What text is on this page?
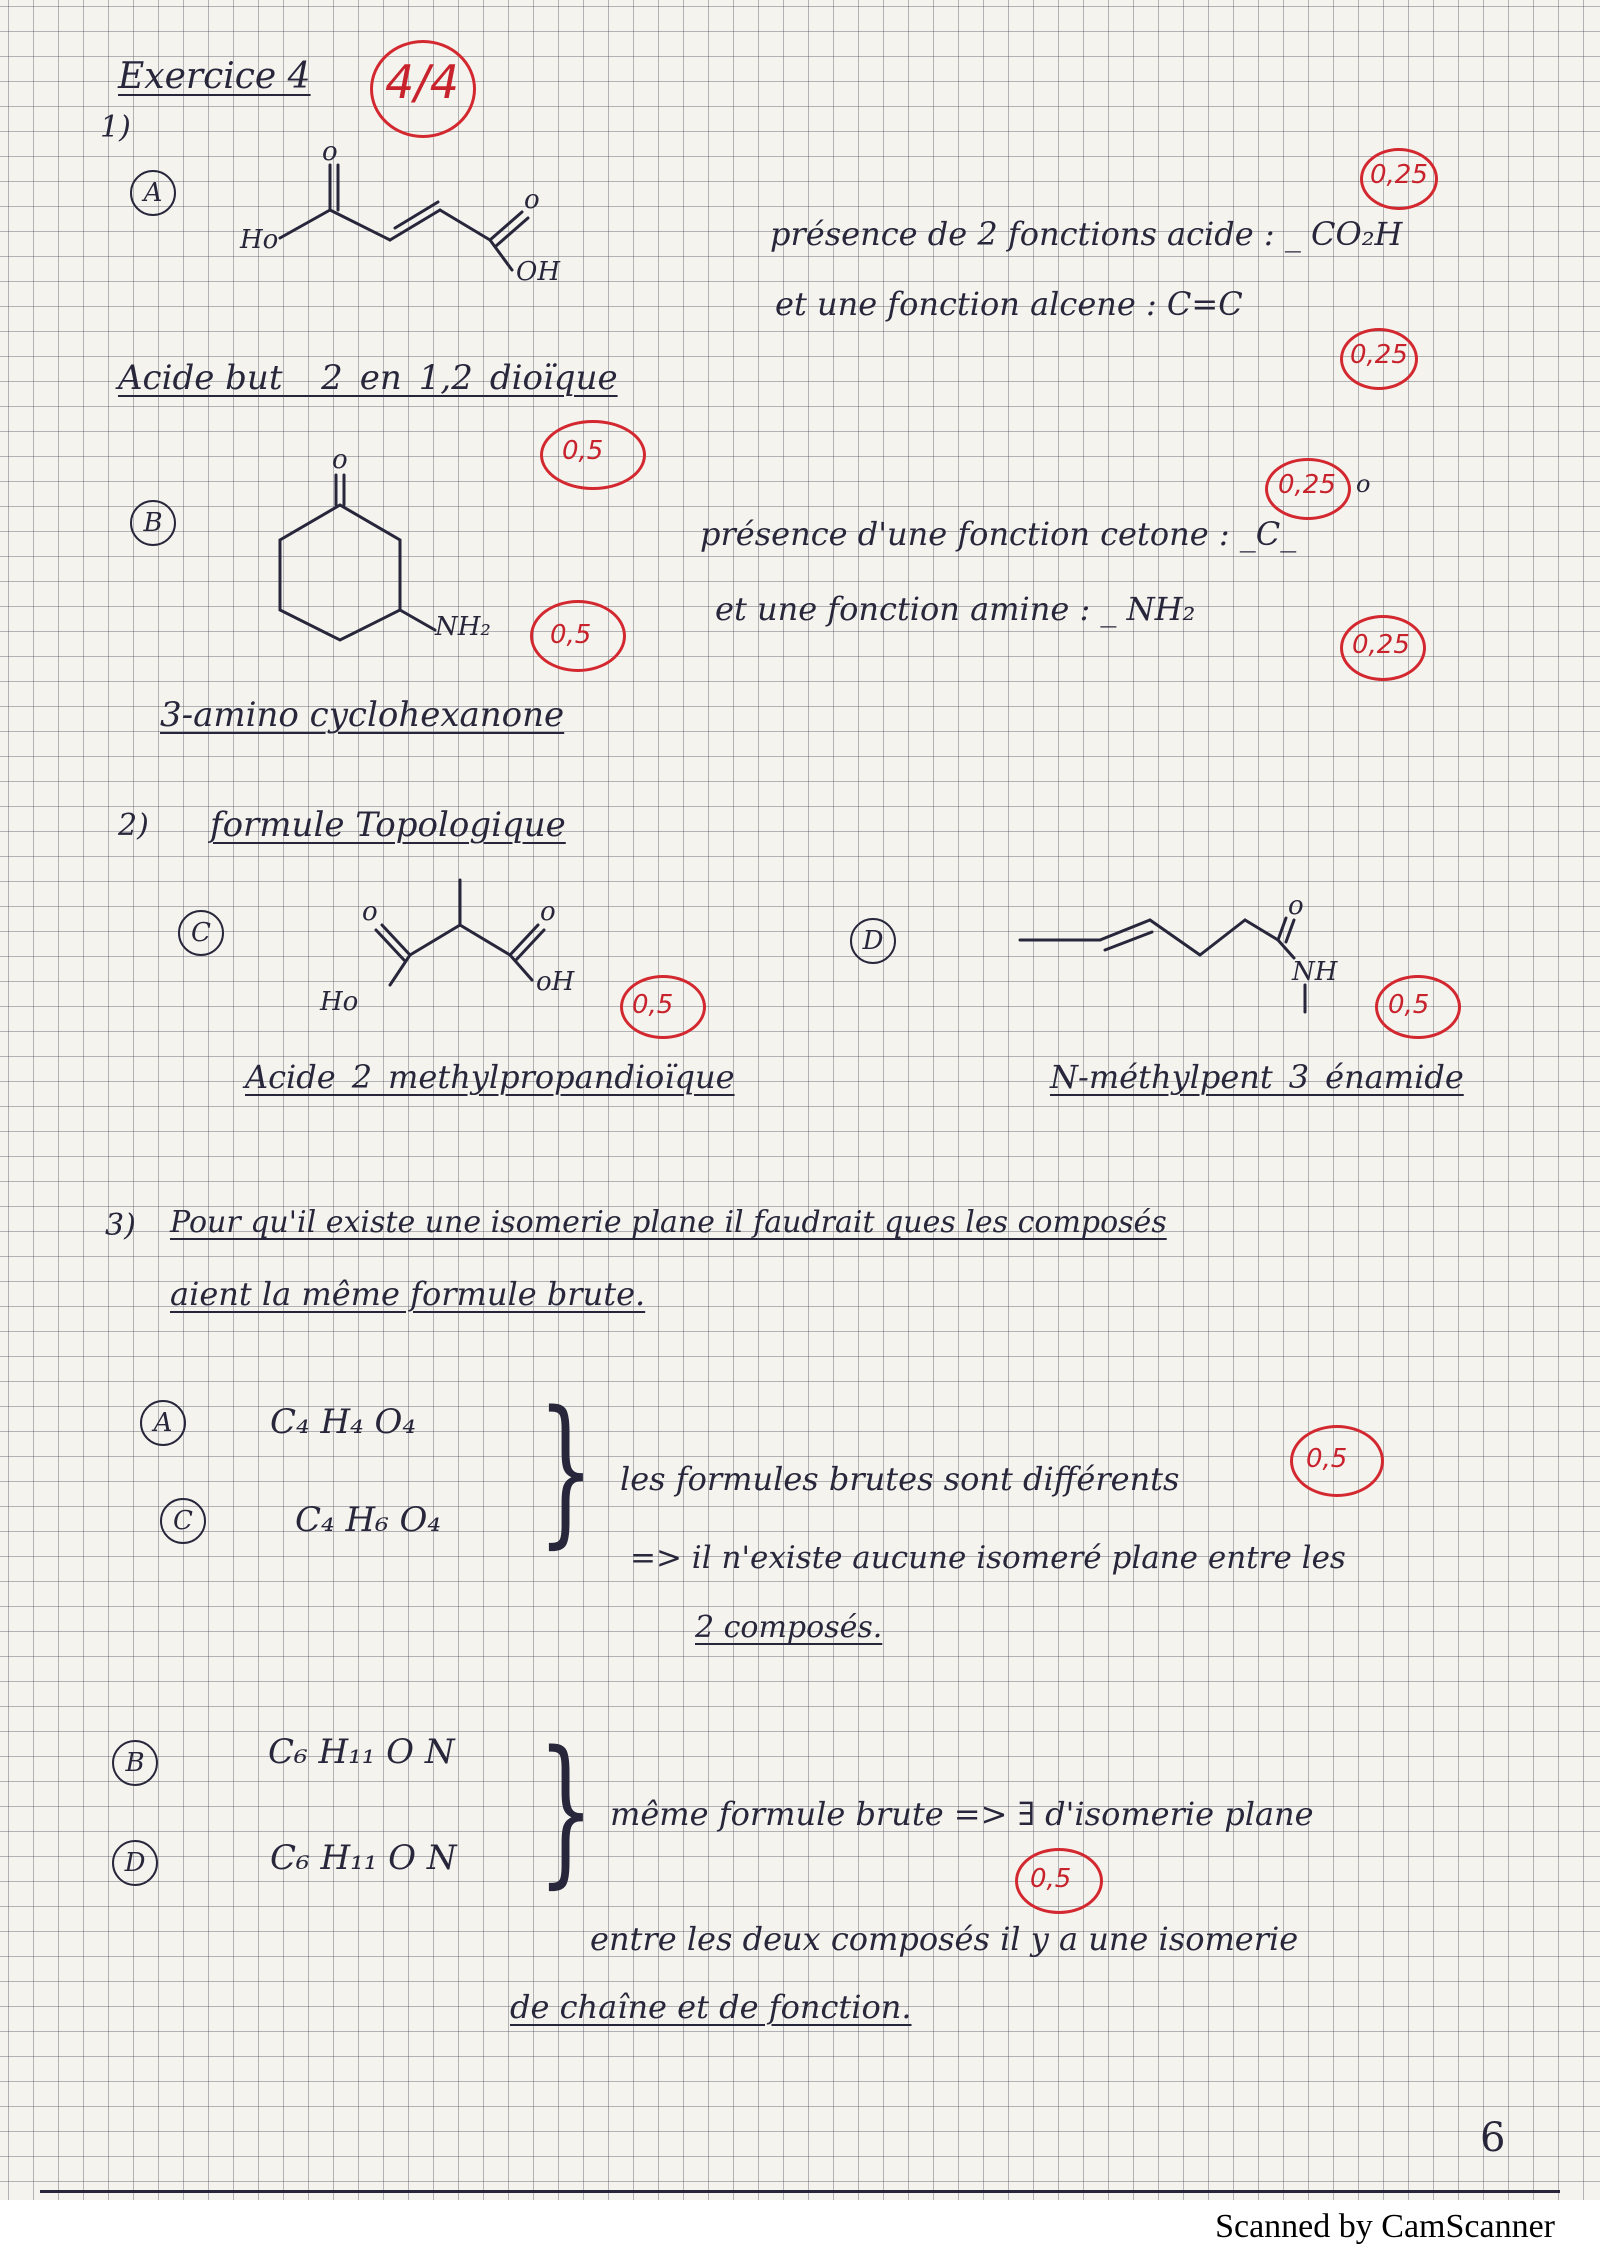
Exercice 4 4/4
1)
A
Ho
o
o
OH
présence de 2 fonctions acide : _ CO₂H
et une fonction alcene : C=C
0,25
0,25
Acide but _ 2_en_1,2_dioïque
0,5
B
o
NH₂ 0,5
0,25 o
présence d'une fonction cetone : _C_
et une fonction amine : _ NH₂
0,25
3-amino cyclohexanone
2) formule Topologique
C
o	o
Ho
oH
0,5
Acide_2_methylpropandioïque
D
o
NH
0,5
N-méthylpent_3_énamide
3) Pour qu'il existe une isomerie plane il faudrait ques les composés
aient la même formule brute.
A	C₄ H₄ O₄
C	C₄ H₆ O₄ } les formules brutes sont différents
0,5
=> il n'existe aucune isomeré plane entre les
2 composés.
B	C₆ H₁₁ O N
D	C₆ H₁₁ O N } même formule brute => ∃ d'isomerie plane
0,5
entre les deux composés il y a une isomerie
de chaîne et de fonction.
6
Scanned by CamScanner
